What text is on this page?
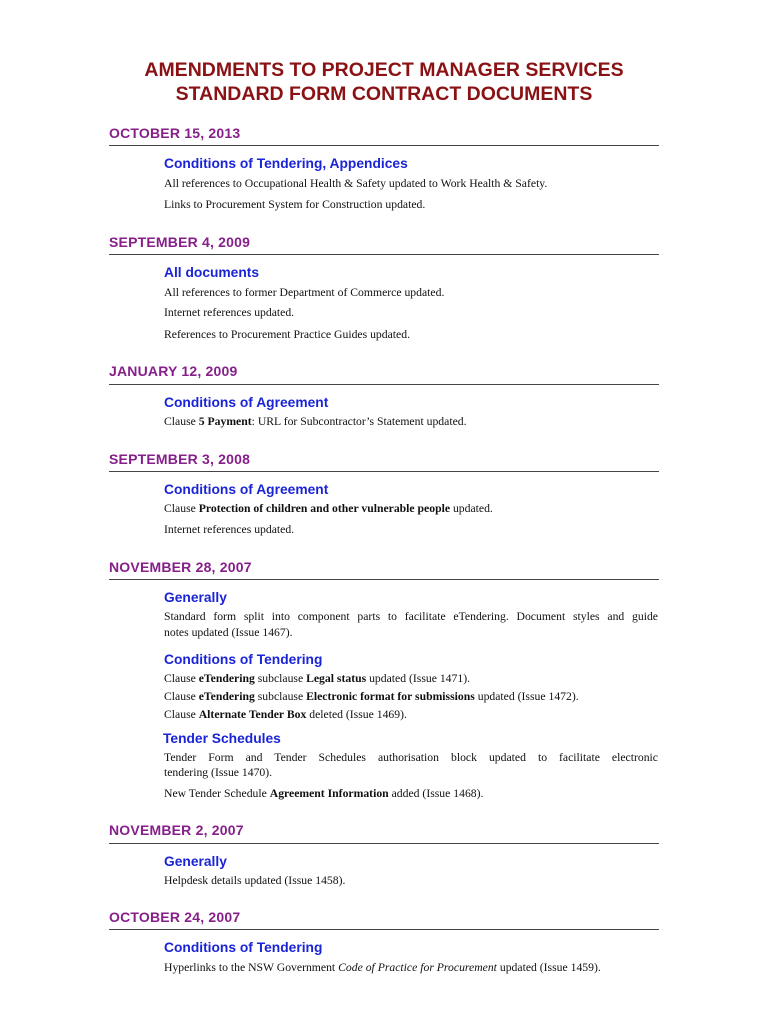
AMENDMENTS TO PROJECT MANAGER SERVICES
STANDARD FORM CONTRACT DOCUMENTS
OCTOBER 15, 2013
Conditions of Tendering, Appendices
All references to Occupational Health & Safety updated to Work Health & Safety.
Links to Procurement System for Construction updated.
SEPTEMBER 4, 2009
All documents
All references to former Department of Commerce updated.
Internet references updated.
References to Procurement Practice Guides updated.
JANUARY 12, 2009
Conditions of Agreement
Clause 5 Payment: URL for Subcontractor’s Statement updated.
SEPTEMBER 3, 2008
Conditions of Agreement
Clause Protection of children and other vulnerable people updated.
Internet references updated.
NOVEMBER 28, 2007
Generally
Standard form split into component parts to facilitate eTendering. Document styles and guide
notes updated (Issue 1467).
Conditions of Tendering
Clause eTendering subclause Legal status updated (Issue 1471).
Clause eTendering subclause Electronic format for submissions updated (Issue 1472).
Clause Alternate Tender Box deleted (Issue 1469).
Tender Schedules
Tender Form and Tender Schedules authorisation block updated to facilitate electronic
tendering (Issue 1470).
New Tender Schedule Agreement Information added (Issue 1468).
NOVEMBER 2, 2007
Generally
Helpdesk details updated (Issue 1458).
OCTOBER 24, 2007
Conditions of Tendering
Hyperlinks to the NSW Government Code of Practice for Procurement updated (Issue 1459).
